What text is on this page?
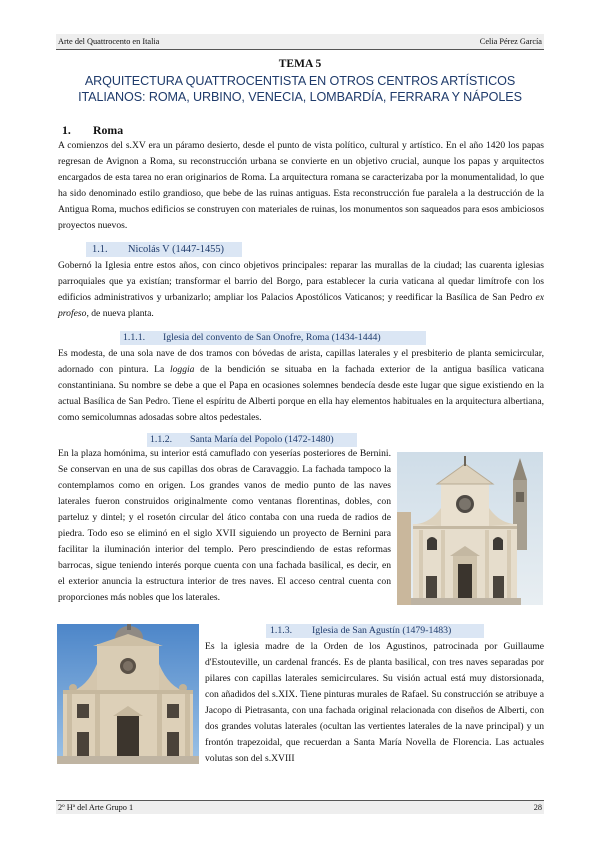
Arte del Quattrocento en Italia	Celia Pérez García
TEMA 5
ARQUITECTURA QUATTROCENTISTA EN OTROS CENTROS ARTÍSTICOS
ITALIANOS: ROMA, URBINO, VENECIA, LOMBARDÍA, FERRARA Y NÁPOLES
1. Roma
A comienzos del s.XV era un páramo desierto, desde el punto de vista político, cultural y artístico. En el año 1420 los papas regresan de Avignon a Roma, su reconstrucción urbana se convierte en un objetivo crucial, aunque los papas y arquitectos encargados de esta tarea no eran originarios de Roma. La arquitectura romana se caracterizaba por la monumentalidad, lo que ha sido denominado estilo grandioso, que bebe de las ruinas antiguas. Esta reconstrucción fue paralela a la destrucción de la Antigua Roma, muchos edificios se construyen con materiales de ruinas, los monumentos son saqueados para esos ambiciosos proyectos nuevos.
1.1. Nicolás V (1447-1455)
Gobernó la Iglesia entre estos años, con cinco objetivos principales: reparar las murallas de la ciudad; las cuarenta iglesias parroquiales que ya existían; transformar el barrio del Borgo, para establecer la curia vaticana al quedar limítrofe con los edificios administrativos y urbanizarlo; ampliar los Palacios Apostólicos Vaticanos; y reedificar la Basílica de San Pedro ex profeso, de nueva planta.
1.1.1. Iglesia del convento de San Onofre, Roma (1434-1444)
Es modesta, de una sola nave de dos tramos con bóvedas de arista, capillas laterales y el presbiterio de planta semicircular, adornado con pintura. La loggia de la bendición se situaba en la fachada exterior de la antigua basílica vaticana constantiniana. Su nombre se debe a que el Papa en ocasiones solemnes bendecía desde este lugar que sigue existiendo en la actual Basílica de San Pedro. Tiene el espíritu de Alberti porque en ella hay elementos habituales en la arquitectura albertiana, como semicolumnas adosadas sobre altos pedestales.
1.1.2. Santa María del Popolo (1472-1480)
En la plaza homónima, su interior está camuflado con yeserías posteriores de Bernini. Se conservan en una de sus capillas dos obras de Caravaggio. La fachada tampoco la contemplamos como en origen. Los grandes vanos de medio punto de las naves laterales fueron construidos originalmente como ventanas florentinas, dobles, con parteluz y dintel; y el rosetón circular del ático contaba con una rueda de radios de piedra. Todo eso se eliminó en el siglo XVII siguiendo un proyecto de Bernini para facilitar la iluminación interior del templo. Pero prescindiendo de estas reformas barrocas, sigue teniendo interés porque cuenta con una fachada basilical, es decir, en el exterior anuncia la estructura interior de tres naves. El acceso central cuenta con proporciones más nobles que los laterales.
1.1.3. Iglesia de San Agustín (1479-1483)
Es la iglesia madre de la Orden de los Agustinos, patrocinada por Guillaume d'Estouteville, un cardenal francés. Es de planta basilical, con tres naves separadas por pilares con capillas laterales semicirculares. Su visión actual está muy distorsionada, con añadidos del s.XIX. Tiene pinturas murales de Rafael. Su construcción se atribuye a Jacopo di Pietrasanta, con una fachada original relacionada con diseños de Alberti, con dos grandes volutas laterales (ocultan las vertientes laterales de la nave principal) y un frontón trapezoidal, que recuerdan a Santa María Novella de Florencia. Las actuales volutas son del s.XVIII
2º Hª del Arte Grupo 1	28
